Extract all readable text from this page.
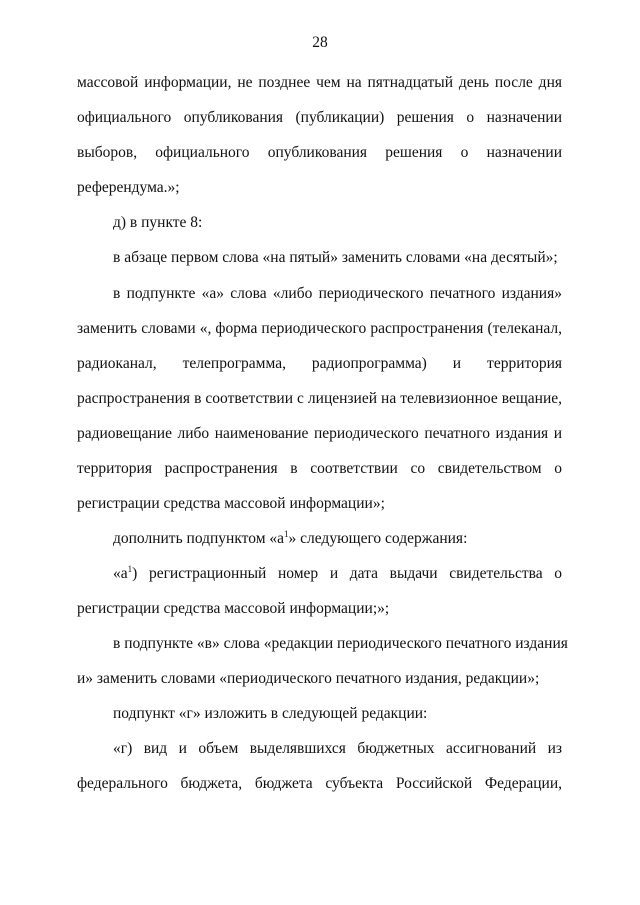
28
массовой информации, не позднее чем на пятнадцатый день после дня
официального опубликования (публикации) решения о назначении
выборов, официального опубликования решения о назначении
референдума.»;
д) в пункте 8:
в абзаце первом слова «на пятый» заменить словами «на десятый»;
в подпункте «а» слова «либо периодического печатного издания»
заменить словами «, форма периодического распространения (телеканал,
радиоканал, телепрограмма, радиопрограмма) и территория
распространения в соответствии с лицензией на телевизионное вещание,
радиовещание либо наименование периодического печатного издания и
территория распространения в соответствии со свидетельством о
регистрации средства массовой информации»;
дополнить подпунктом «$а^1$» следующего содержания:
«$а^1$) регистрационный номер и дата выдачи свидетельства о
регистрации средства массовой информации;»;
в подпункте «в» слова «редакции периодического печатного издания
и» заменить словами «периодического печатного издания, редакции»;
подпункт «г» изложить в следующей редакции:
«г) вид и объем выделявшихся бюджетных ассигнований из
федерального бюджета, бюджета субъекта Российской Федерации,
